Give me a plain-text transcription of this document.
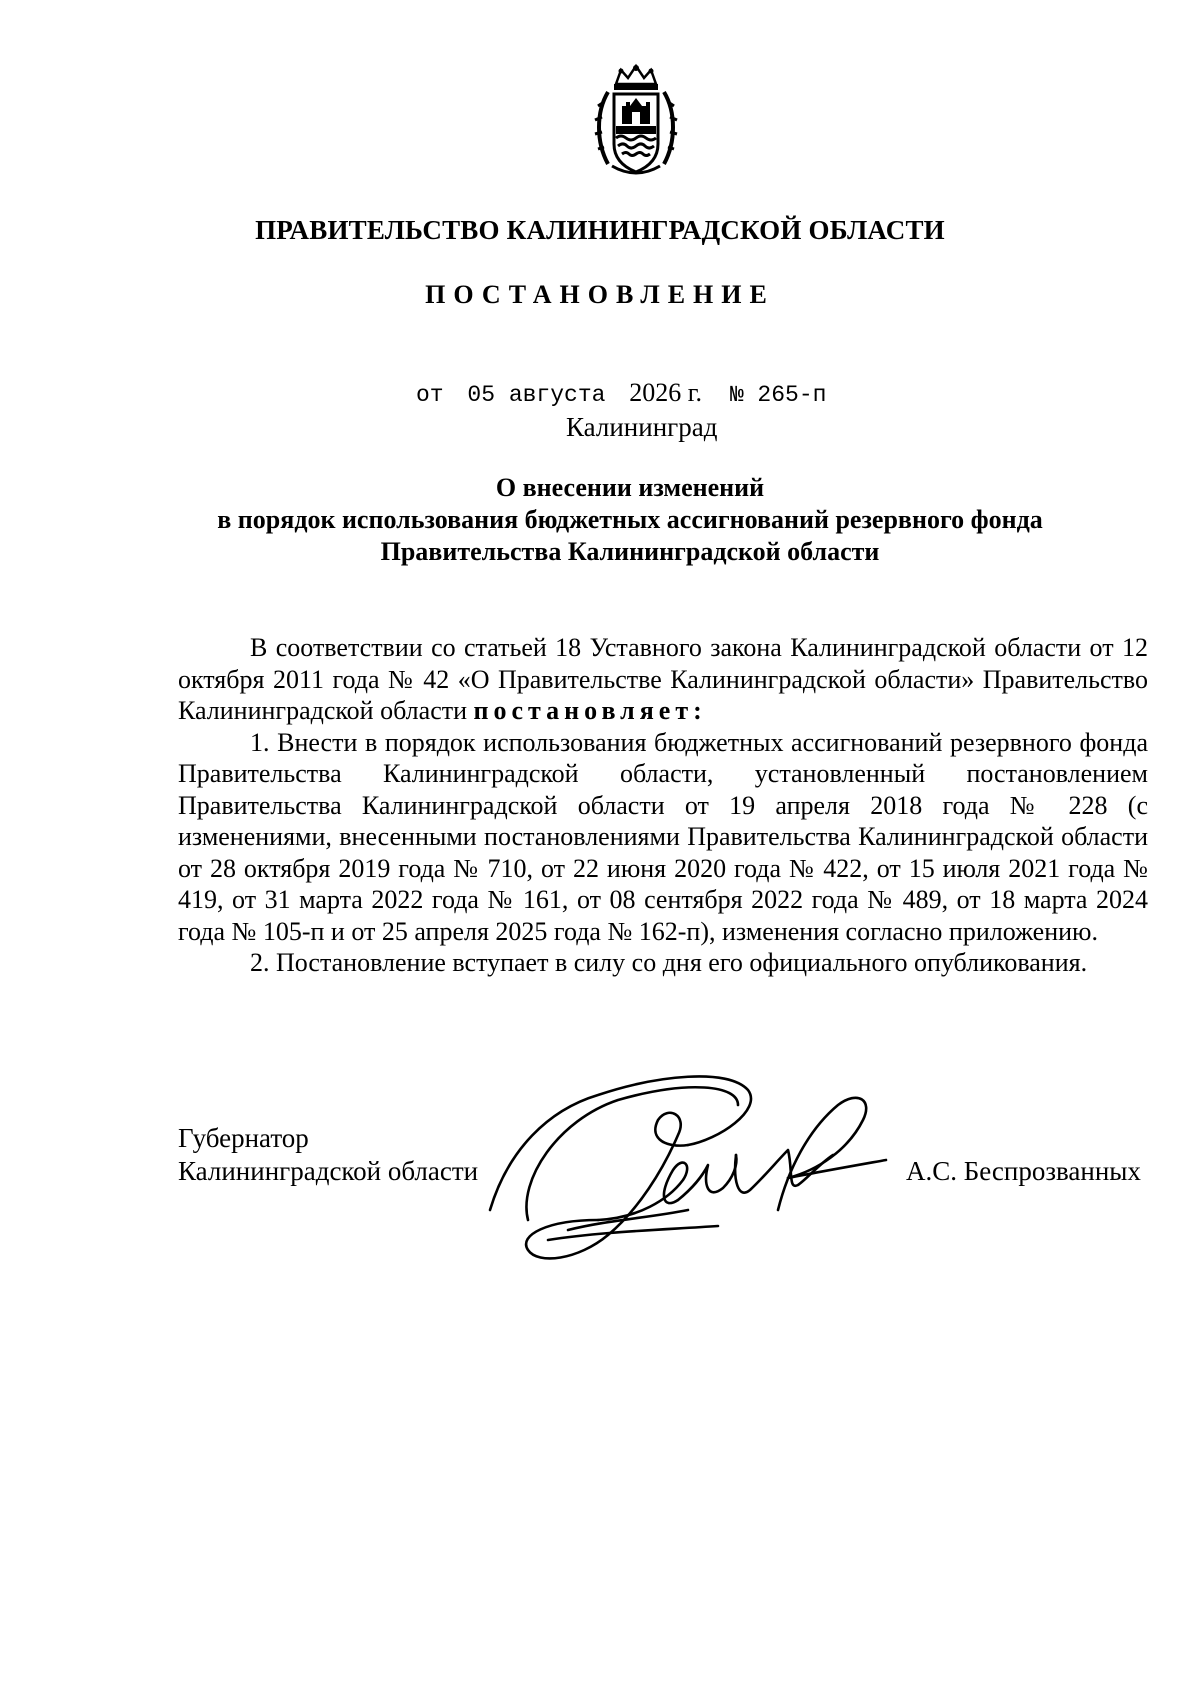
ПРАВИТЕЛЬСТВО КАЛИНИНГРАДСКОЙ ОБЛАСТИ
ПОСТАНОВЛЕНИЕ
от 05 августа 2026 г. № 265-п
Калининград
О внесении изменений
в порядок использования бюджетных ассигнований резервного фонда
Правительства Калининградской области

В соответствии со статьей 18 Уставного закона Калининградской области от 12 октября 2011 года № 42 «О Правительстве Калининградской области» Правительство Калининградской области постановляет:

1. Внести в порядок использования бюджетных ассигнований резервного фонда Правительства Калининградской области, установленный постановлением Правительства Калининградской области от 19 апреля 2018 года № 228 (с изменениями, внесенными постановлениями Правительства Калининградской области от 28 октября 2019 года № 710, от 22 июня 2020 года № 422, от 15 июля 2021 года № 419, от 31 марта 2022 года № 161, от 08 сентября 2022 года № 489, от 18 марта 2024 года № 105-п и от 25 апреля 2025 года № 162-п), изменения согласно приложению.

2. Постановление вступает в силу со дня его официального опубликования.

Губернатор
Калининградской области	А.С. Беспрозванных
